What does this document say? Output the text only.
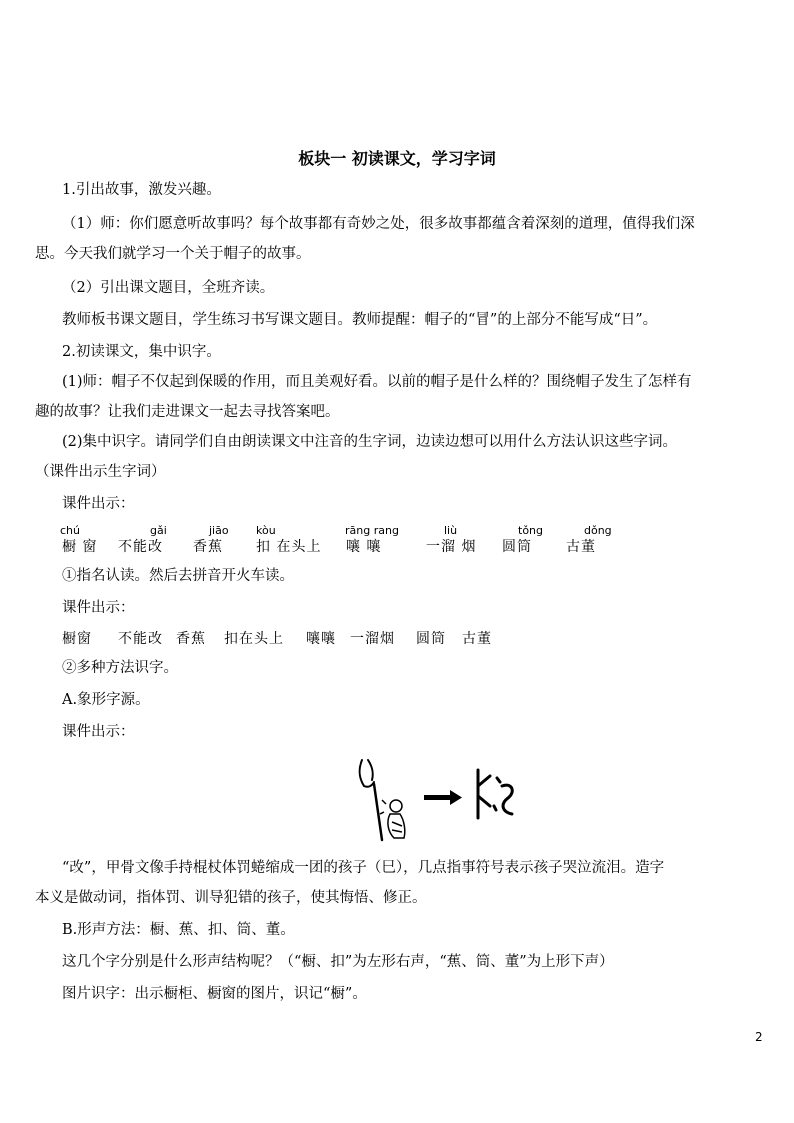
板块一 初读课文，学习字词
1.引出故事，激发兴趣。
（1）师：你们愿意听故事吗？每个故事都有奇妙之处，很多故事都蕴含着深刻的道理，值得我们深
思。今天我们就学习一个关于帽子的故事。
（2）引出课文题目，全班齐读。
教师板书课文题目，学生练习书写课文题目。教师提醒：帽子的“冒”的上部分不能写成“日”。
2.初读课文，集中识字。
(1)师：帽子不仅起到保暖的作用，而且美观好看。以前的帽子是什么样的？围绕帽子发生了怎样有
趣的故事？让我们走进课文一起去寻找答案吧。
(2)集中识字。请同学们自由朗读课文中注音的生字词，边读边想可以用什么方法认识这些字词。
（课件出示生字词）
课件出示：
chú	gǎi	jiāo kòu	rāng rang	liù	tǒng	dǒng
橱 窗 不能改 香蕉 扣 在头上 嚷 嚷	一溜 烟 圆筒 古董
①指名认读。然后去拼音开火车读。
课件出示：
橱窗 不能改 香蕉 扣在头上 嚷嚷 一溜烟 圆筒 古董
②多种方法识字。
A.象形字源。
课件出示：
“改”，甲骨文像手持棍杖体罚蜷缩成一团的孩子（巳），几点指事符号表示孩子哭泣流泪。造字
本义是做动词，指体罚、训导犯错的孩子，使其悔悟、修正。
B.形声方法：橱、蕉、扣、筒、董。
这几个字分别是什么形声结构呢？（“橱、扣”为左形右声，“蕉、筒、董”为上形下声）
图片识字：出示橱柜、橱窗的图片，识记“橱”。
2
